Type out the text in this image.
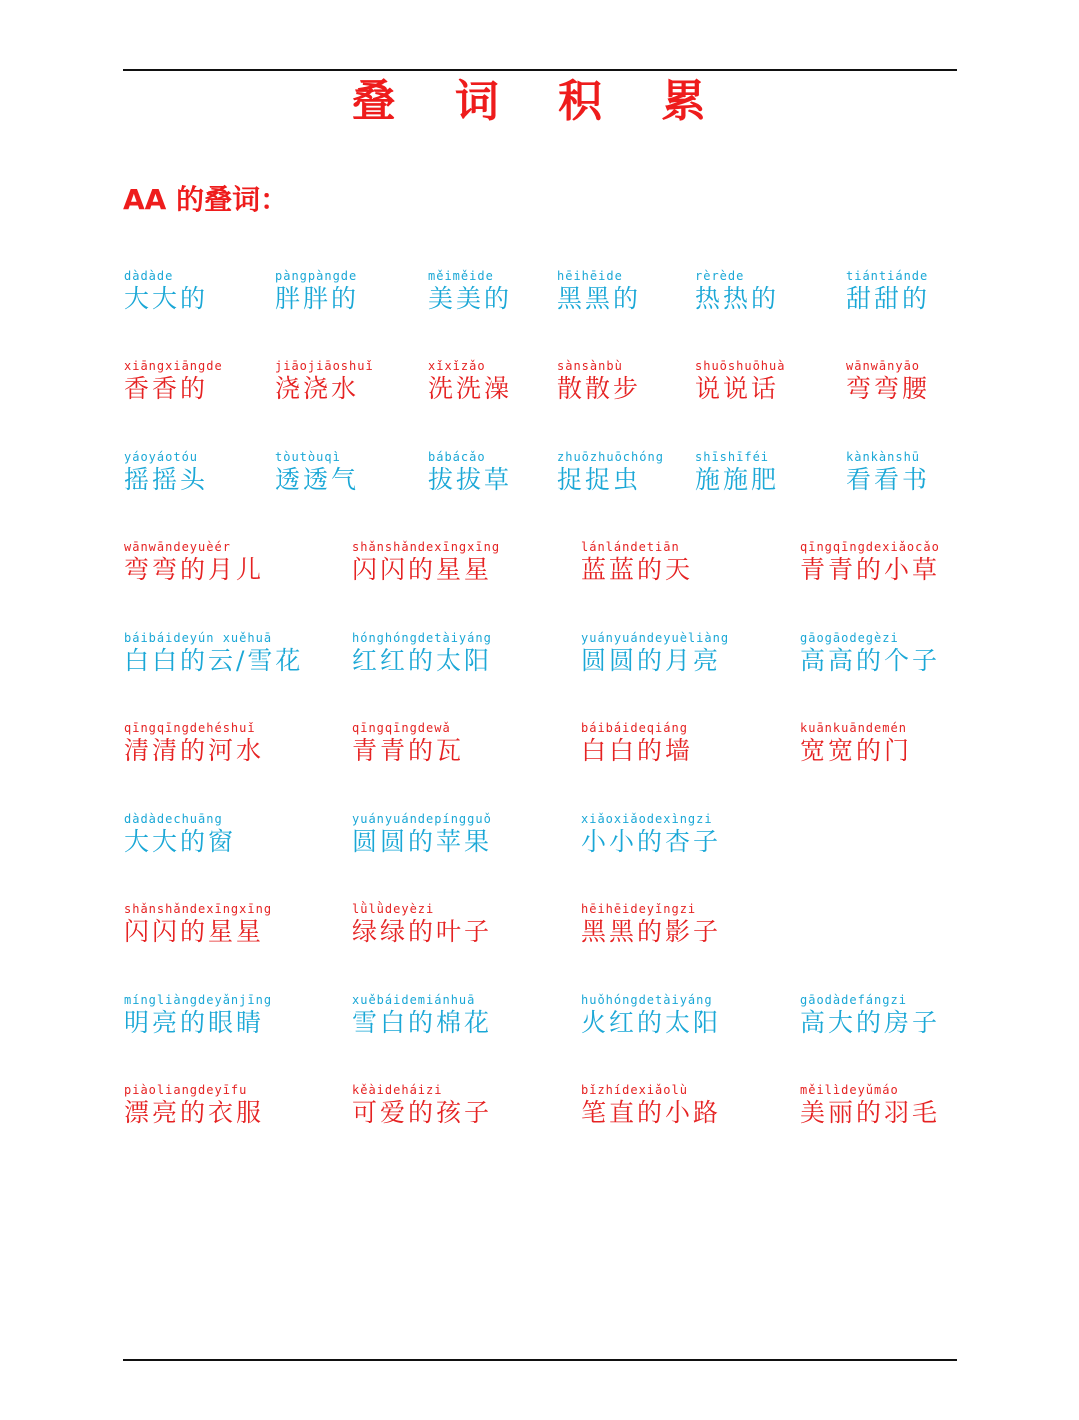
叠 词 积 累
AA 的叠词：
dàdàde
大大的
pàngpàngde
胖胖的
měiměide
美美的
hēihēide
黑黑的
rèrède
热热的
tiántiánde
甜甜的
xiāngxiāngde
香香的
jiāojiāoshuǐ
浇浇水
xǐxǐzǎo
洗洗澡
sànsànbù
散散步
shuōshuōhuà
说说话
wānwānyāo
弯弯腰
yáoyáotóu
摇摇头
tòutòuqì
透透气
bábácǎo
拔拔草
zhuōzhuōchóng
捉捉虫
shīshīféi
施施肥
kànkànshū
看看书
wānwāndeyuèér
弯弯的月儿
shǎnshǎndexīngxīng
闪闪的星星
lánlándetiān
蓝蓝的天
qīngqīngdexiǎocǎo
青青的小草
báibáideyún xuěhuā
白白的云/雪花
hónghóngdetàiyáng
红红的太阳
yuányuándeyuèliàng
圆圆的月亮
gāogāodegèzi
高高的个子
qīngqīngdehéshuǐ
清清的河水
qīngqīngdewǎ
青青的瓦
báibáideqiáng
白白的墙
kuānkuāndemén
宽宽的门
dàdàdechuāng
大大的窗
yuányuándepíngguǒ
圆圆的苹果
xiǎoxiǎodexìngzi
小小的杏子
shǎnshǎndexīngxīng
闪闪的星星
lǜlǜdeyèzi
绿绿的叶子
hēihēideyǐngzi
黑黑的影子
míngliàngdeyǎnjīng
明亮的眼睛
xuěbáidemiánhuā
雪白的棉花
huǒhóngdetàiyáng
火红的太阳
gāodàdefángzi
高大的房子
piàoliangdeyīfu
漂亮的衣服
kěàideháizi
可爱的孩子
bǐzhídexiǎolù
笔直的小路
měilìdeyǔmáo
美丽的羽毛
